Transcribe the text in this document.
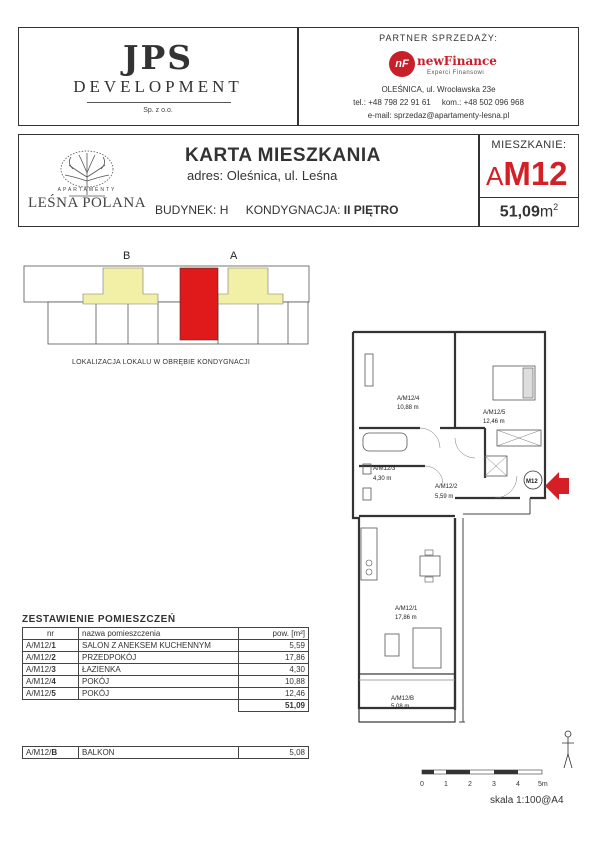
JPS
DEVELOPMENT
Sp. z o.o.
PARTNER SPRZEDAŻY:
nF newFinance
Experci Finansowi
OLEŚNICA, ul. Wrocławska 23e
tel.: +48 798 22 91 61     kom.: +48 502 096 968
e-mail: sprzedaz@apartamenty-lesna.pl
APARTAMENTY
LEŚNA POLANA
KARTA MIESZKANIA
adres: Oleśnica, ul. Leśna
BUDYNEK: H KONDYGNACJA: II PIĘTRO
MIESZKANIE:
AM12
$51,09m^2$
B	A
LOKALIZACJA LOKALU W OBRĘBIE KONDYGNACJI
A/M12/4
10,88 m
A/M12/5
12,46 m
A/M12/3
4,30 m
A/M12/2
5,59 m
A/M12/1
17,86 m
A/M12/B
5,08 m
M12
ZESTAWIENIE POMIESZCZEŃ
nr	nazwa pomieszczenia	pow. [m²]
A/M12/1	SALON Z ANEKSEM KUCHENNYM	5,59
A/M12/2	PRZEDPOKÓJ	17,86
A/M12/3	ŁAZIENKA	4,30
A/M12/4	POKÓJ	10,88
A/M12/5	POKÓJ	12,46
		51,09
A/M12/B	BALKON	5,08
0	1	2	3	4	5m
skala 1:100@A4
